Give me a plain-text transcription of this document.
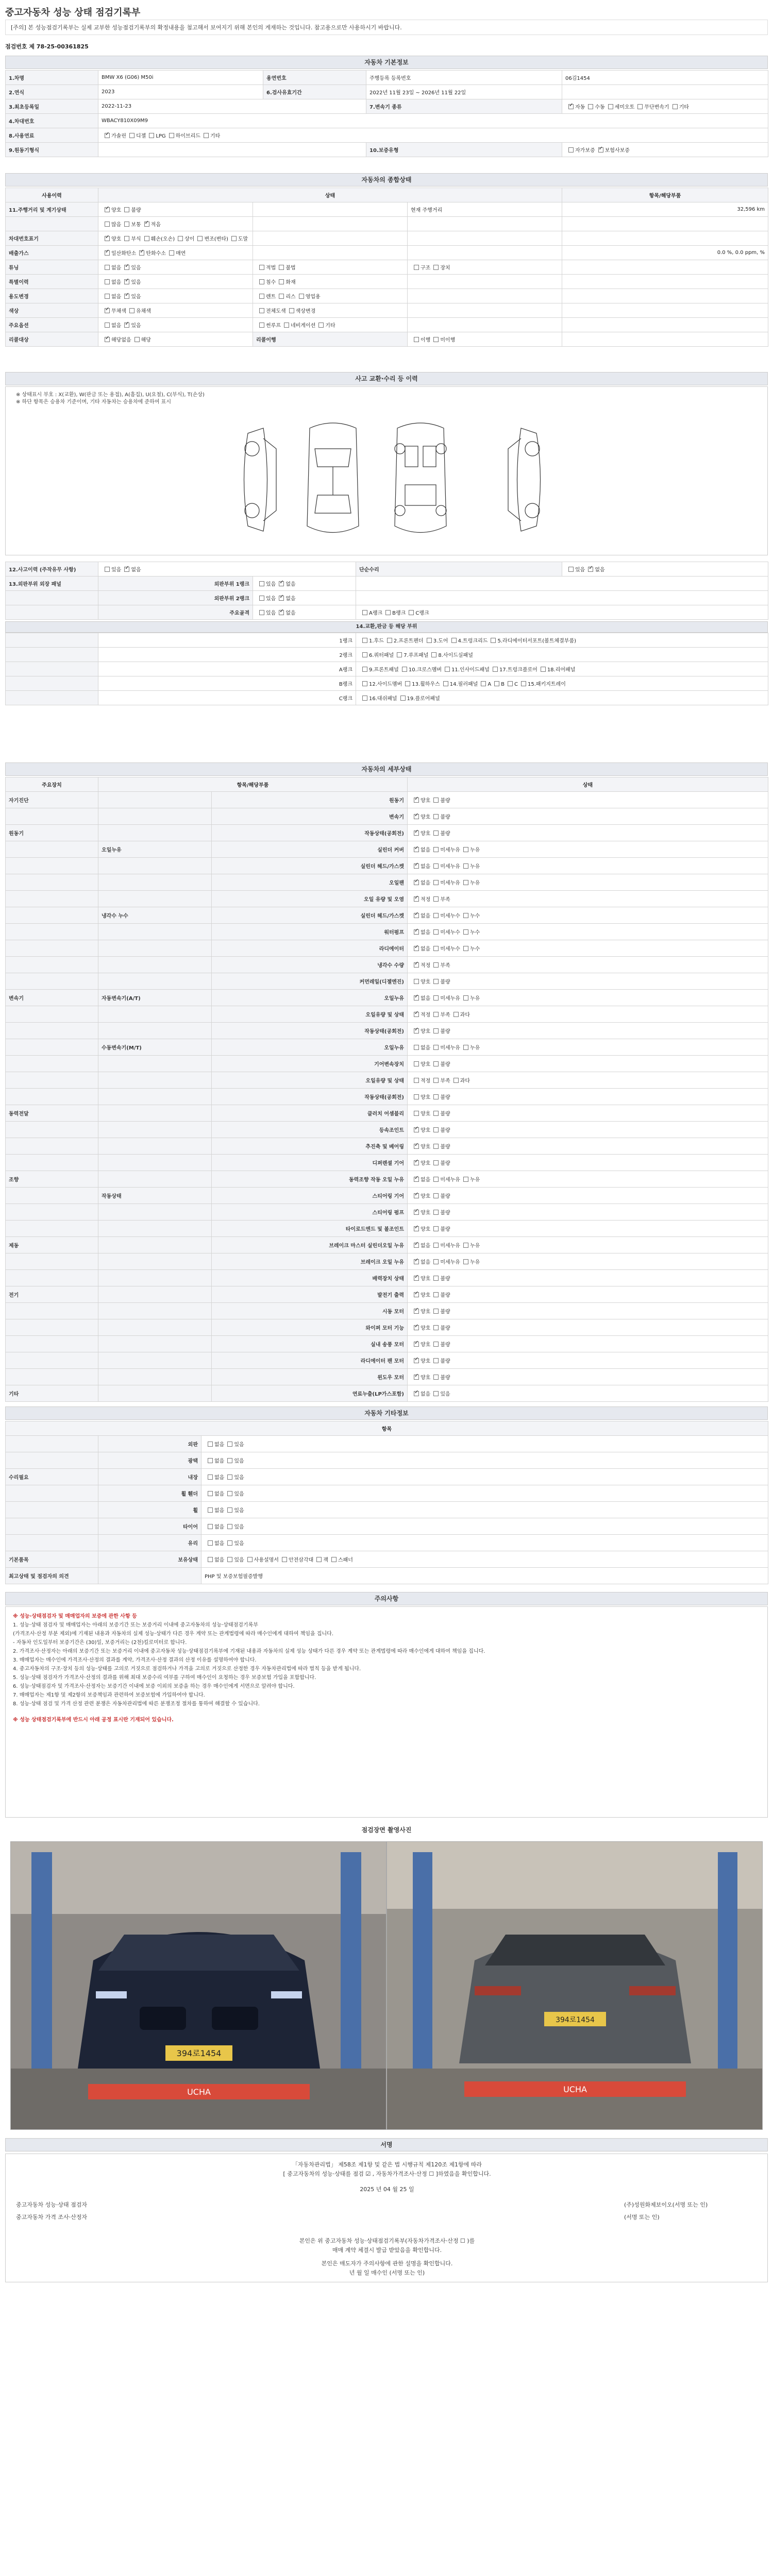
중고자동차 성능 상태 점검기록부
[주의] 본 성능점검기록부는 실제 교부한 성능점검기록부의 확정내용을 첨고해서 보여지기 위해 본인의 게재하는 것입니다. 참고용으로만 사용하시기 바랍니다.
점검번호 제 78-25-00361825
자동차 기본정보
1.차명	BMW X6 (G06) M50i	용연번호	주행등록 등록번호	06김1454
2.연식	2023	6.검사유효기간	2022년 11월 23일 ~ 2026년 11월 22일	
3.최초등록일	2022-11-23		7.변속기 종류	✓자동 수동 세미오토 무단변속기 기타
4.차대번호	WBACY810X09M9			
8.사용연료	✓가솔린 디젤 LPG 하이브리드 기타
9.원동기형식			10.보증유형	자가보증 ✓ 보험사보증
자동차의 종합상태
사용이력	상태			항목/해당부품
11.주행거리 및 계기상태	✓양호 불량		현재 주행거리	32,596 km
	많음 보통 ✓ 적음			
차대번호표기	✓양호 부식 훼손(오손) 상이 변조(변타) 도말			
배출가스	✓일산화탄소 ✓ 탄화수소 매연			0.0 %, 0.0 ppm, %
튜닝	없음 ✓ 있음	적법 불법	구조 장치	
특별이력	없음 ✓ 있음	침수 화재		
용도변경	없음 ✓ 있음	렌트 리스 영업용		
색상	✓무채색 유채색	전체도색 색상변경		
주요옵션	없음 ✓ 있음	썬루프 네비게이션 기타		
리콜대상	✓해당없음 해당	리콜이행	이행 미이행	
사고 교환·수리 등 이력
※ 상태표시 부호 : X(교환), W(판금 또는 용접), A(흠집), U(요철), C(부식), T(손상)
※ 하단 항목은 승용차 기준이며, 기타 자동차는 승용차에 준하여 표시
12.사고이력 (주작유무 사항)	있음 ✓ 없음		단순수리	있음 ✓ 없음
13.외판부위 외장 패널	외판부위 1랭크	있음 ✓ 없음	
	외판부위 2랭크	있음 ✓ 없음	
	주요골격	있음 ✓ 없음	A랭크 B랭크 C랭크	
14.교환,판금 등 해당 부위
	1랭크	1.후드 2.프론트펜더 3.도어 4.트렁크리드 5.라디에이터서포트(볼트체결부품)
	2랭크	6.쿼터패널 7.루프패널 8.사이드실패널
	A랭크	9.프론트패널 10.크로스멤버 11.인사이드패널 17.트렁크플로어 18.리어패널
	B랭크	12.사이드멤버 13.휠하우스 14.필러패널 A B C 15.패키지트레이
	C랭크	16.대쉬패널 19.플로어패널
자동차의 세부상태
주요장치	항목/해당부품		상태
자기진단		원동기	✓양호 불량
		변속기	✓양호 불량
원동기		작동상태(공회전)	✓양호 불량
	오일누유	실린더 커버	✓없음 미세누유 누유
		실린더 헤드/가스켓	✓없음 미세누유 누유
		오일팬	✓없음 미세누유 누유
		오일 유량 및 오염	✓적정 부족
	냉각수 누수	실린더 헤드/가스켓	✓없음 미세누수 누수
		워터펌프	✓없음 미세누수 누수
		라디에이터	✓없음 미세누수 누수
		냉각수 수량	✓적정 부족
		커먼레일(디젤엔진)	양호 불량
변속기	자동변속기(A/T)	오일누유	✓없음 미세누유 누유
		오일유량 및 상태	✓적정 부족 과다
		작동상태(공회전)	✓양호 불량
	수동변속기(M/T)	오일누유	없음 미세누유 누유
		기어변속장치	양호 불량
		오일유량 및 상태	적정 부족 과다
		작동상태(공회전)	양호 불량
동력전달		클러치 어셈블리	양호 불량
		등속조인트	✓양호 불량
		추진축 및 베어링	✓양호 불량
		디퍼렌셜 기어	✓양호 불량
조향		동력조향 작동 오일 누유	✓없음 미세누유 누유
	작동상태	스티어링 기어	✓양호 불량
		스티어링 펌프	✓양호 불량
		타이로드엔드 및 볼조인트	✓양호 불량
제동		브레이크 마스터 실린더오일 누유	✓없음 미세누유 누유
		브레이크 오일 누유	✓없음 미세누유 누유
		배력장치 상태	✓양호 불량
전기		발전기 출력	✓양호 불량
		시동 모터	✓양호 불량
		와이퍼 모터 기능	✓양호 불량
		실내 송풍 모터	✓양호 불량
		라디에이터 팬 모터	✓양호 불량
		윈도우 모터	✓양호 불량
기타		연료누출(LP가스포함)	✓없음 있음
자동차 기타정보
항목		
	외판	없음 있음
	광택	없음 있음
수리필요	내장	없음 있음
	휠 휀더	없음 있음
	휠	없음 있음
	타이어	없음 있음
	유리	없음 있음
기본품목	보유상태	없음 있음 사용설명서 안전삼각대 잭 스패너
최고상태 및 점검자의 의견		PHP 및 보증보험필증발행
주의사항

※ 성능·상태점검자 및 매매업자의 보증에 관한 사항 등

1. 성능·상태 점검자 및 매매업자는 아래의 보증기간 또는 보증거리 이내에 중고자동차의 성능·상태점검기록부

(가격조사·산정 부분 제외)에 기재된 내용과 자동차의 실제 성능·상태가 다른 경우 계약 또는 관계법령에 따라 매수인에게 대하여 책임을 집니다.

- 자동차 인도일부터 보증기간은 (30)일, 보증거리는 (2천)킬로미터로 합니다.

2. 가격조사·산정자는 아래의 보증기간 또는 보증거리 이내에 중고자동차 성능·상태점검기록부에 기재된 내용과 자동차의 실제 성능 상태가 다른 경우 계약 또는 관계법령에 따라 매수인에게 대하여 책임을 집니다.

3. 매매업자는 매수인에 가격조사·산정의 결과를 계약, 가격조사·산정 결과의 산정 이유를 설명하여야 합니다.

4. 중고자동차의 구조·장치 등의 성능·상태를 고의로 거짓으로 점검하거나 가격을 고의로 거짓으로 산정한 경우 자동차관리법에 따라 벌칙 등을 받게 됩니다.

5. 성능·상태 점검자가 가격조사·산정의 결과를 위해 최대 보증수리 여부를 구하여 매수인이 요청하는 경우 보증보험 가입을 포함합니다.

6. 성능·상태점검자 및 가격조사·산정자는 보증기간 이내에 보증 이외의 보증을 하는 경우 매수인에게 서면으로 알려야 합니다.

7. 매매업자는 제1항 및 제2항의 보증책임과 관련하여 보증보험에 가입하여야 합니다.

8. 성능·상태 점검 및 가격 산정 관련 분쟁은 자동차관리법에 따른 분쟁조정 절차를 통하여 해결할 수 있습니다.

※ 성능 상태점검기록부에 반드시 아래 공정 표시란 기재되어 있습니다.

점검장면 촬영사진
394로1454
UCHA
394로1454
UCHA
서명
「자동차관리법」 제58조 제1항 및 같은 법 시행규칙 제120조 제1항에 따라
[ 중고자동차의 성능·상태를 점검 ☑ , 자동차가격조사·산정 ☐ ]하였음을 확인합니다.
2025 년 04 월 25 일
중고자동차 성능·상태 점검자	(주)성원화제보이오(서명 또는 인)
중고자동차 가격 조사·산정자	(서명 또는 인)
본인은 위 중고자동차 성능·상태점검기록부(자동차가격조사·산정 ☐ )를
매매 계약 체결시 발급 받았음을 확인합니다.
본인은 매도자가 주의사항에 관한 설명을 확인합니다.
년 월 일 매수인 (서명 또는 인)
